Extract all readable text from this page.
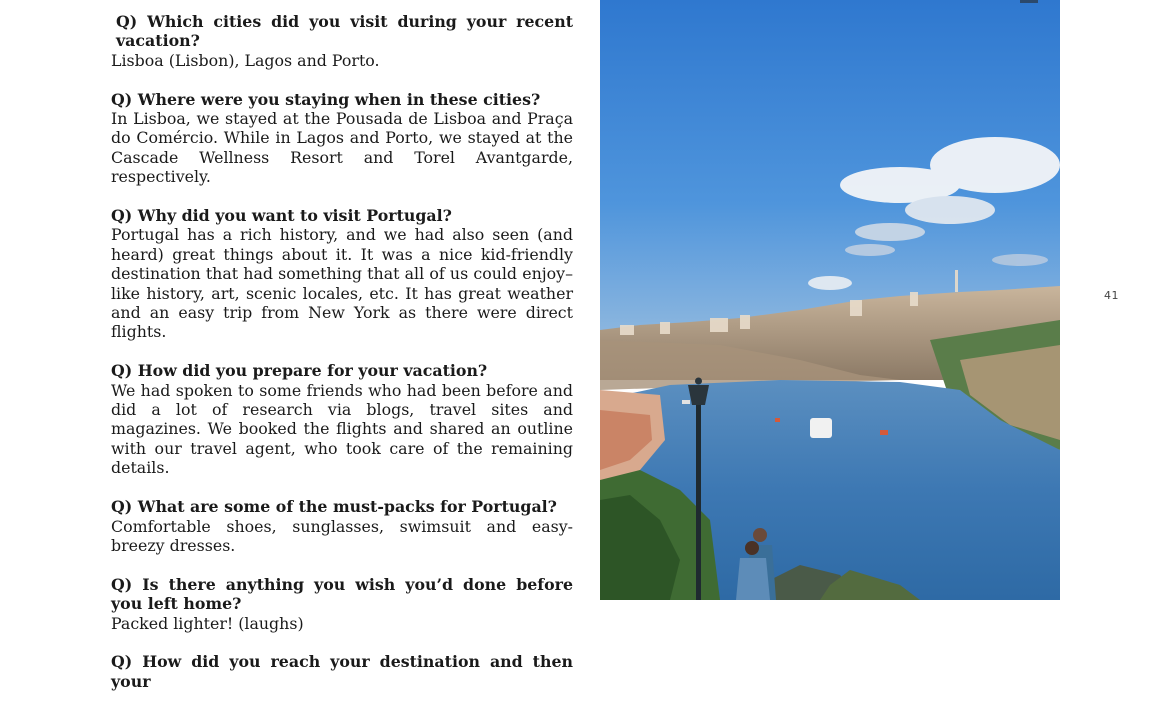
Q) Which cities did you visit during your recent vacation?

Lisboa (Lisbon), Lagos and Porto.

Q) Where were you staying when in these cities?

In Lisboa, we stayed at the Pousada de Lisboa and Praça do Comércio. While in Lagos and Porto, we stayed at the Cascade Wellness Resort and Torel Avantgarde, respectively.

Q) Why did you want to visit Portugal?

Portugal has a rich history, and we had also seen (and heard) great things about it. It was a nice kid-friendly destination that had something that all of us could enjoy– like history, art, scenic locales, etc. It has great weather and an easy trip from New York as there were direct flights.

Q) How did you prepare for your vacation?

We had spoken to some friends who had been before and did a lot of research via blogs, travel sites and magazines. We booked the flights and shared an outline with our travel agent, who took care of the remaining details.

Q) What are some of the must-packs for Portugal?

Comfortable shoes, sunglasses, swimsuit and easy-breezy dresses.

Q) Is there anything you wish you’d done before you left home?

Packed lighter! (laughs)

Q) How did you reach your destination and then your

41
